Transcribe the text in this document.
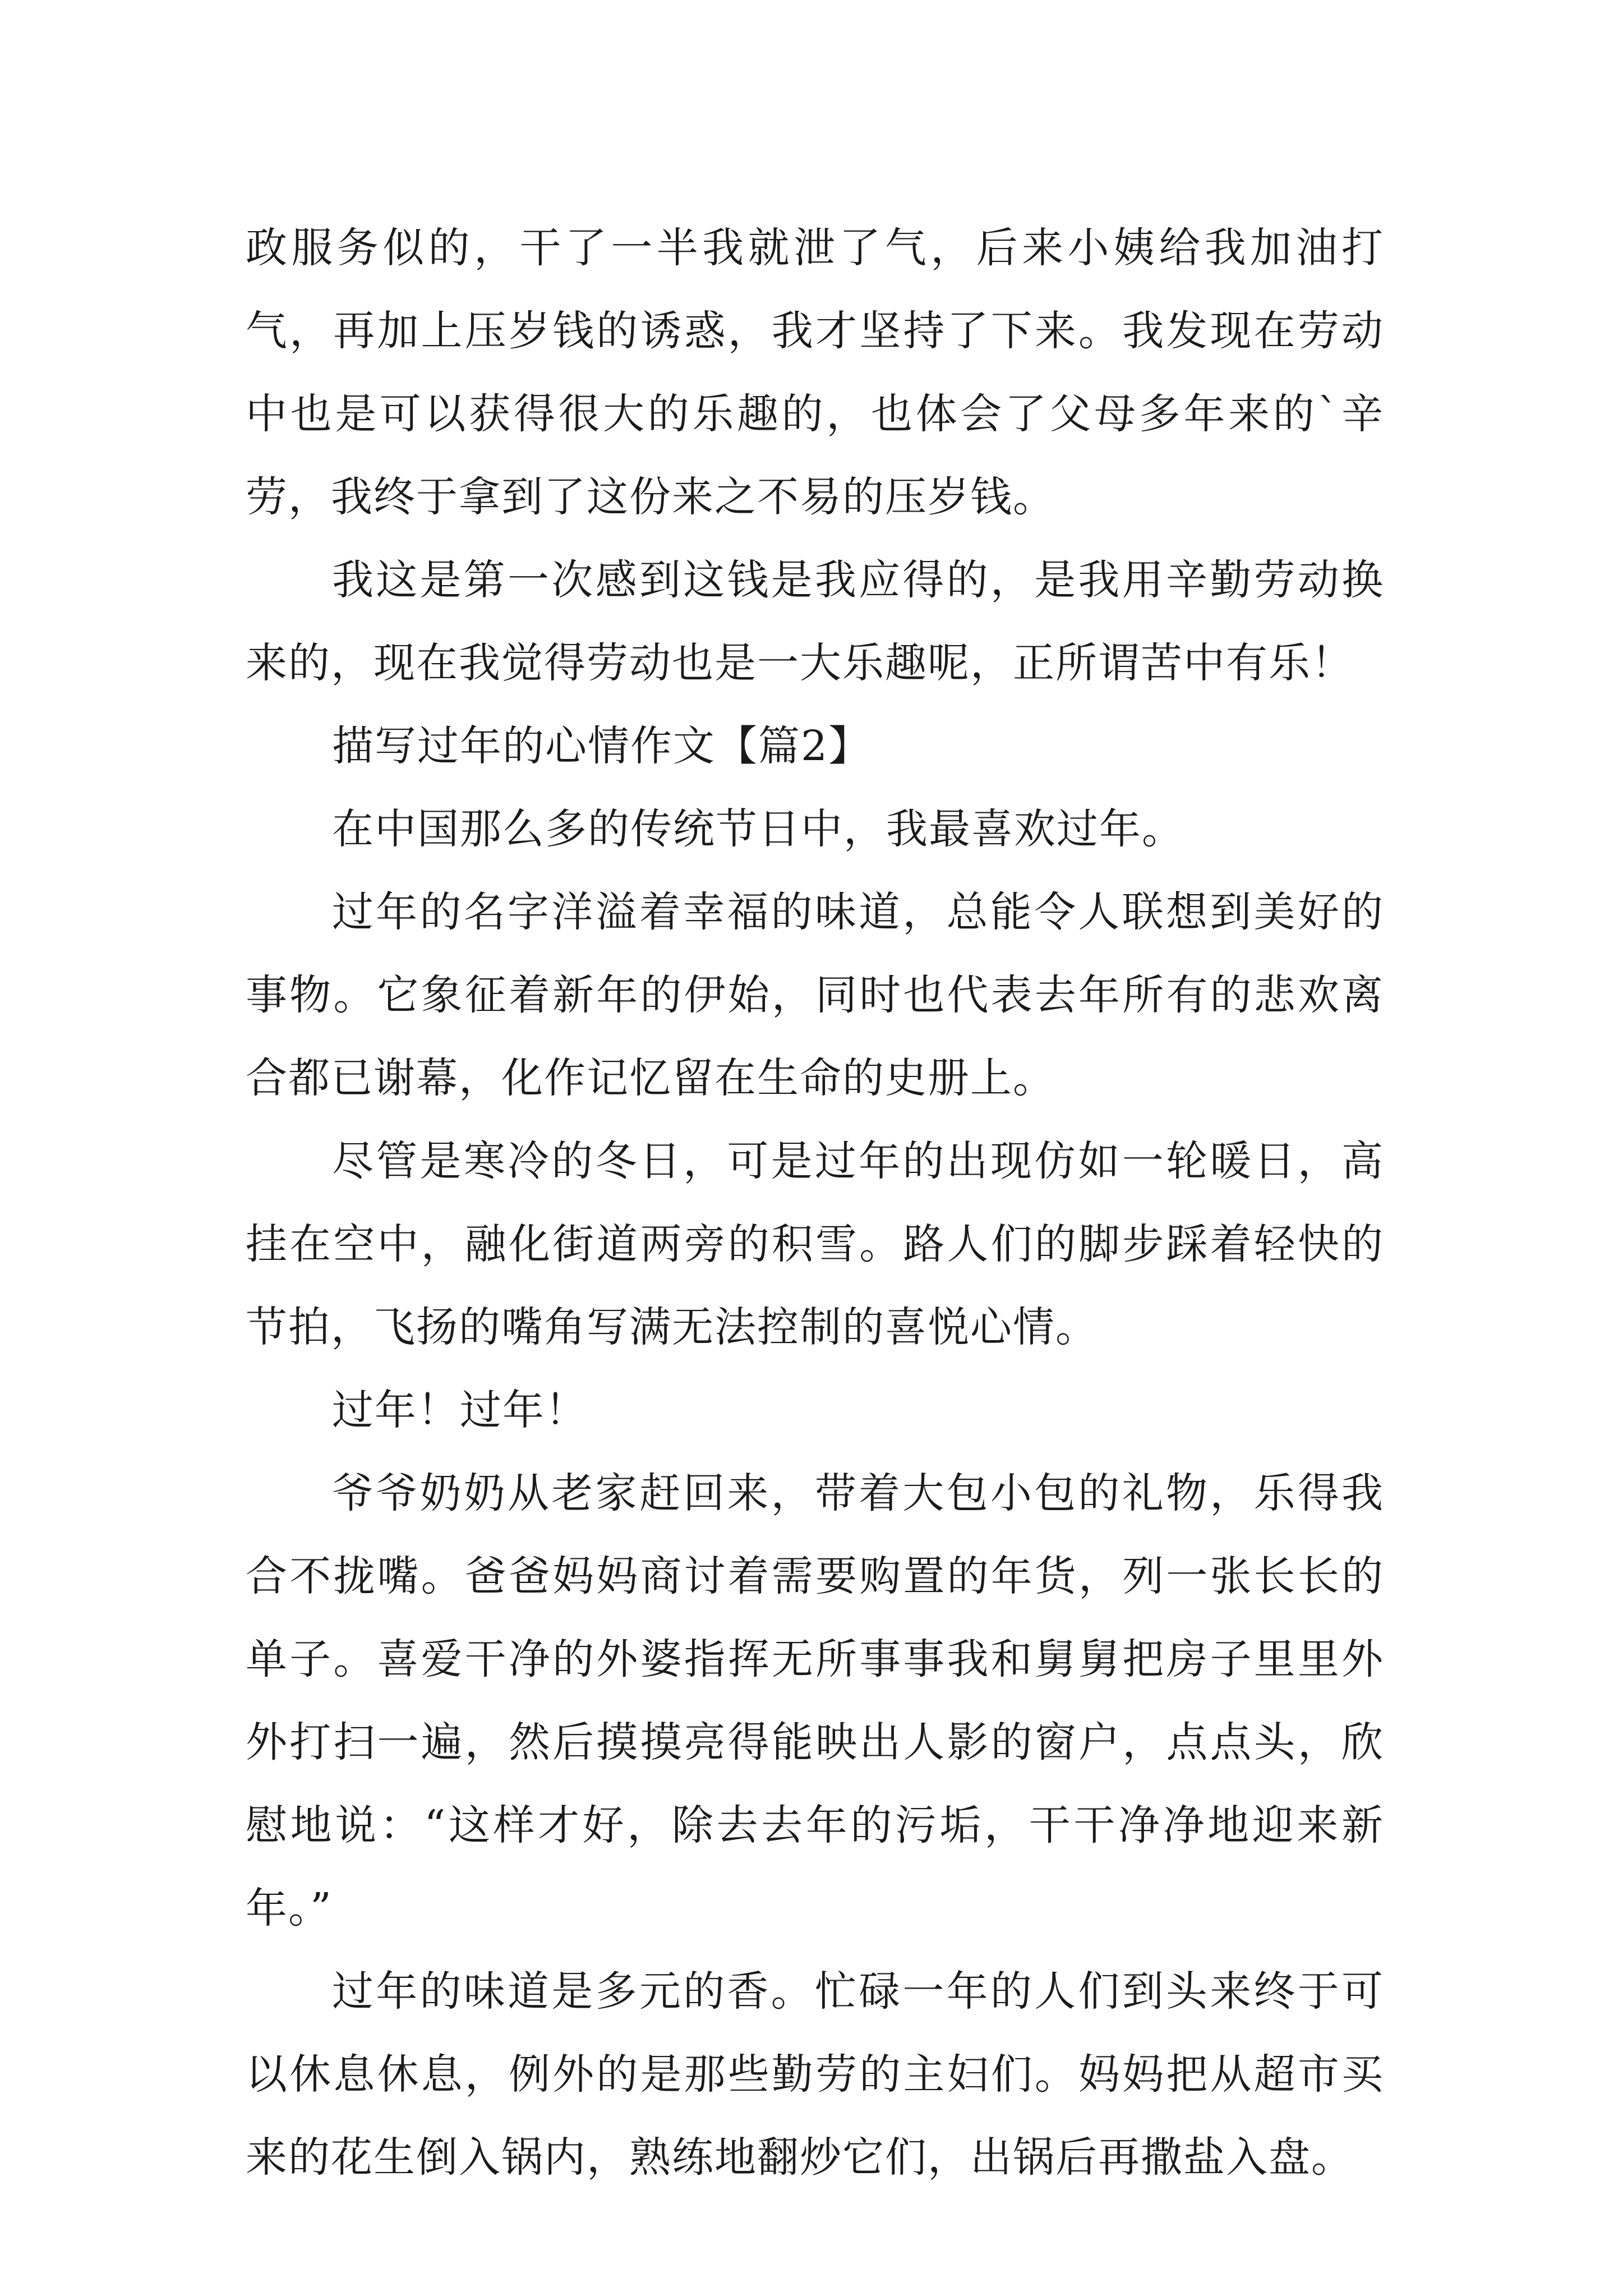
政服务似的，干了一半我就泄了气，后来小姨给我加油打气，再加上压岁钱的诱惑，我才坚持了下来。我发现在劳动中也是可以获得很大的乐趣的，也体会了父母多年来的`辛劳，我终于拿到了这份来之不易的压岁钱。

我这是第一次感到这钱是我应得的，是我用辛勤劳动换来的，现在我觉得劳动也是一大乐趣呢，正所谓苦中有乐！

描写过年的心情作文【篇2】

在中国那么多的传统节日中，我最喜欢过年。

过年的名字洋溢着幸福的味道，总能令人联想到美好的事物。它象征着新年的伊始，同时也代表去年所有的悲欢离合都已谢幕，化作记忆留在生命的史册上。

尽管是寒冷的冬日，可是过年的出现仿如一轮暖日，高挂在空中，融化街道两旁的积雪。路人们的脚步踩着轻快的节拍，飞扬的嘴角写满无法控制的喜悦心情。

过年！过年！

爷爷奶奶从老家赶回来，带着大包小包的礼物，乐得我合不拢嘴。爸爸妈妈商讨着需要购置的年货，列一张长长的单子。喜爱干净的外婆指挥无所事事我和舅舅把房子里里外外打扫一遍，然后摸摸亮得能映出人影的窗户，点点头，欣慰地说：“这样才好，除去去年的污垢，干干净净地迎来新年。”

过年的味道是多元的香。忙碌一年的人们到头来终于可以休息休息，例外的是那些勤劳的主妇们。妈妈把从超市买来的花生倒入锅内，熟练地翻炒它们，出锅后再撒盐入盘。
